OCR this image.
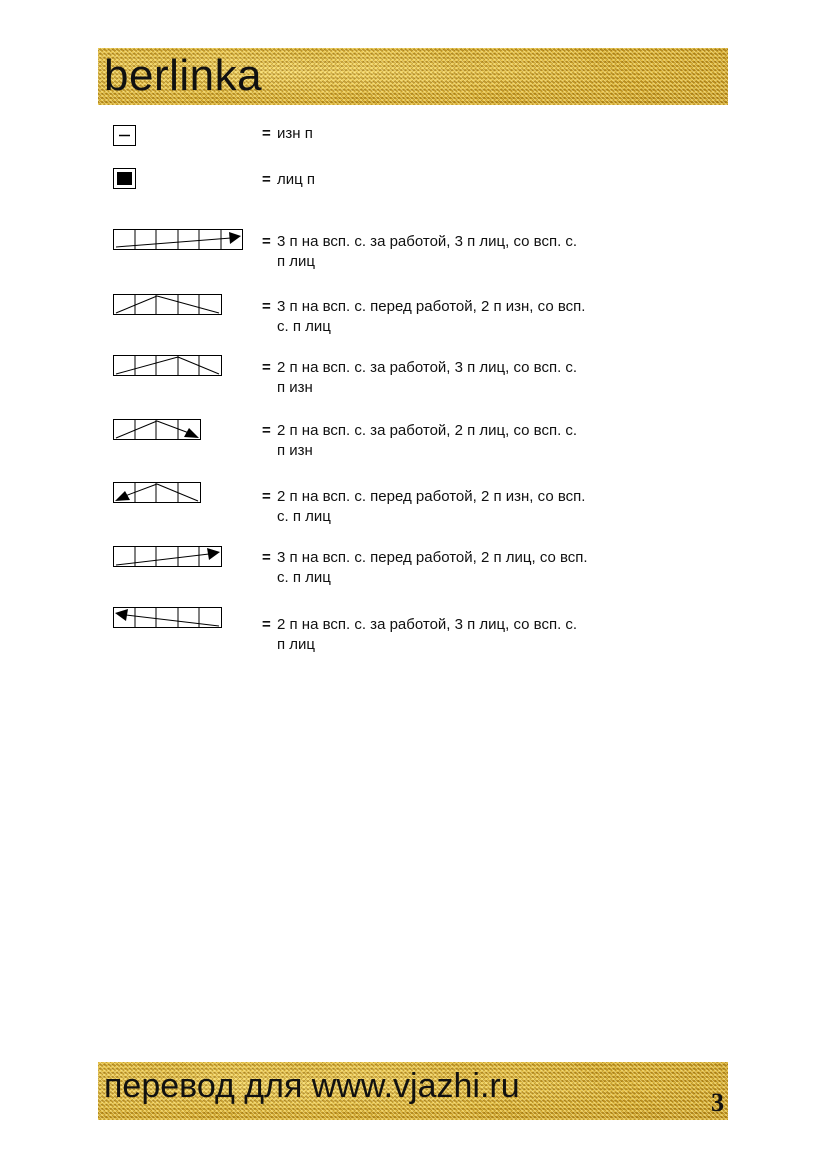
berlinka
= изн п
= лиц п
= 3 п на всп. с. за работой, 3 п лиц, со всп. с.
п лиц
= 3 п на всп. с. перед работой, 2 п изн, со всп.
с. п лиц
= 2 п на всп. с. за работой, 3 п лиц, со всп. с.
п изн
= 2 п на всп. с. за работой, 2 п лиц, со всп. с.
п изн
= 2 п на всп. с. перед работой, 2 п изн, со всп.
с. п лиц
= 3 п на всп. с. перед работой, 2 п лиц, со всп.
с. п лиц
= 2 п на всп. с. за работой, 3 п лиц, со всп. с.
п лиц
перевод для www.vjazhi.ru	3
